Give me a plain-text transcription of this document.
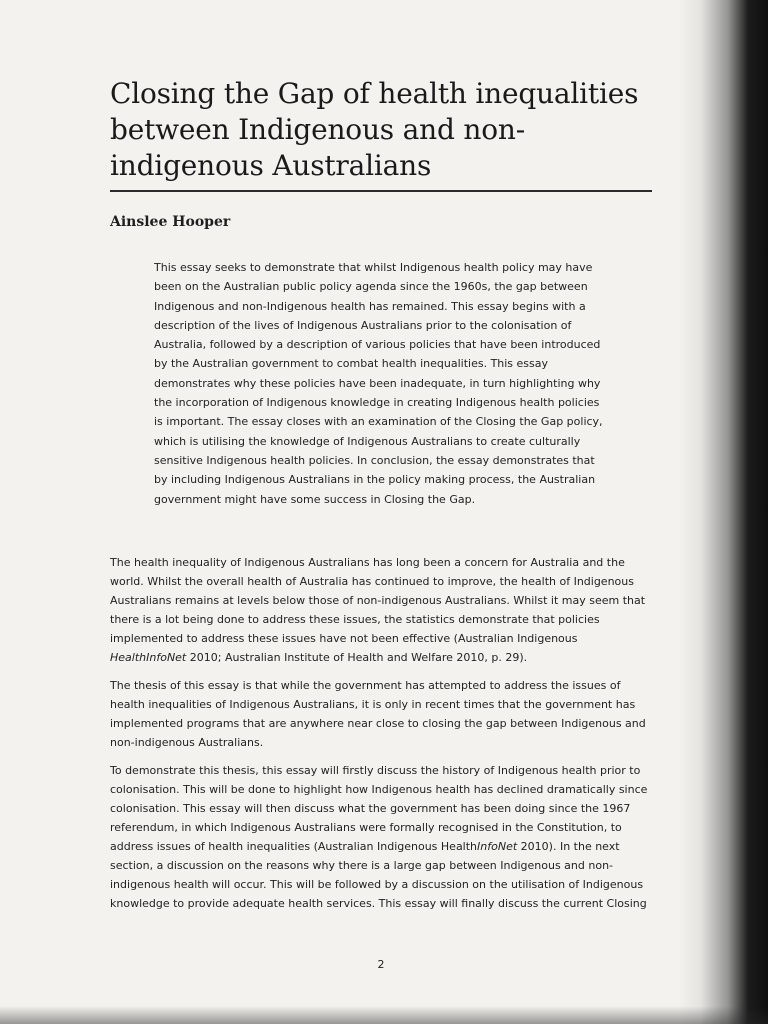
Closing the Gap of health inequalities between Indigenous and non-indigenous Australians
Ainslee Hooper
This essay seeks to demonstrate that whilst Indigenous health policy may have been on the Australian public policy agenda since the 1960s, the gap between Indigenous and non-Indigenous health has remained. This essay begins with a description of the lives of Indigenous Australians prior to the colonisation of Australia, followed by a description of various policies that have been introduced by the Australian government to combat health inequalities. This essay demonstrates why these policies have been inadequate, in turn highlighting why the incorporation of Indigenous knowledge in creating Indigenous health policies is important. The essay closes with an examination of the Closing the Gap policy, which is utilising the knowledge of Indigenous Australians to create culturally sensitive Indigenous health policies. In conclusion, the essay demonstrates that by including Indigenous Australians in the policy making process, the Australian government might have some success in Closing the Gap.

The health inequality of Indigenous Australians has long been a concern for Australia and the world. Whilst the overall health of Australia has continued to improve, the health of Indigenous Australians remains at levels below those of non-indigenous Australians. Whilst it may seem that there is a lot being done to address these issues, the statistics demonstrate that policies implemented to address these issues have not been effective (Australian Indigenous HealthInfoNet 2010; Australian Institute of Health and Welfare 2010, p. 29).

The thesis of this essay is that while the government has attempted to address the issues of health inequalities of Indigenous Australians, it is only in recent times that the government has implemented programs that are anywhere near close to closing the gap between Indigenous and non-indigenous Australians.

To demonstrate this thesis, this essay will firstly discuss the history of Indigenous health prior to colonisation. This will be done to highlight how Indigenous health has declined dramatically since colonisation. This essay will then discuss what the government has been doing since the 1967 referendum, in which Indigenous Australians were formally recognised in the Constitution, to address issues of health inequalities (Australian Indigenous HealthInfoNet 2010). In the next section, a discussion on the reasons why there is a large gap between Indigenous and non-indigenous health will occur. This will be followed by a discussion on the utilisation of Indigenous knowledge to provide adequate health services. This essay will finally discuss the current Closing

2
